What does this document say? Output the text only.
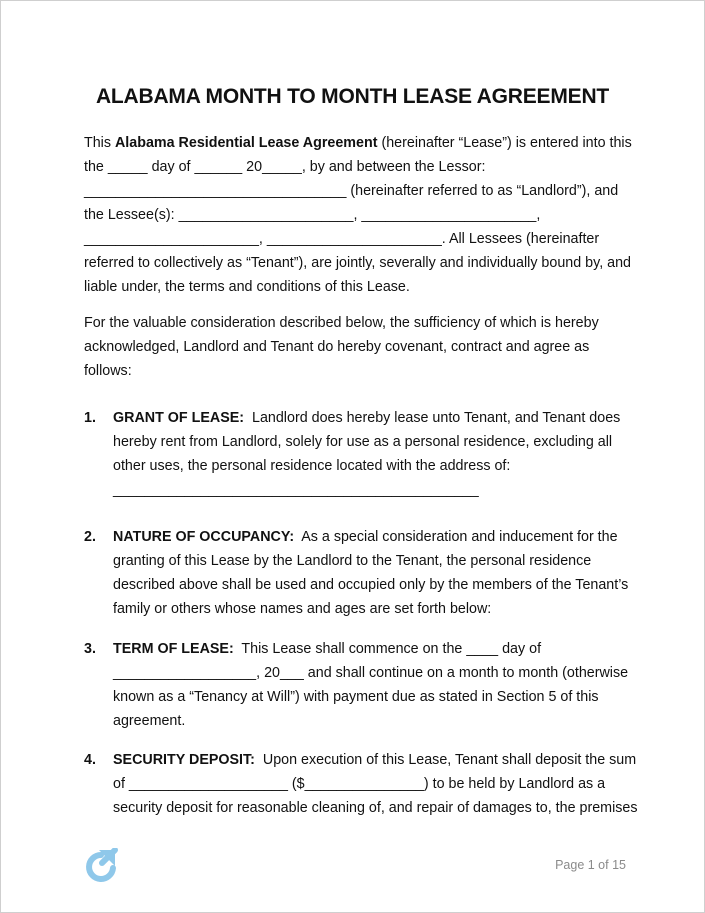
ALABAMA MONTH TO MONTH LEASE AGREEMENT
This Alabama Residential Lease Agreement (hereinafter “Lease”) is entered into this
the _____ day of ______ 20_____, by and between the Lessor:
_________________________________ (hereinafter referred to as “Landlord”), and
the Lessee(s): ______________________, ______________________,
______________________, ______________________. All Lessees (hereinafter
referred to collectively as “Tenant”), are jointly, severally and individually bound by, and
liable under, the terms and conditions of this Lease.
For the valuable consideration described below, the sufficiency of which is hereby
acknowledged, Landlord and Tenant do hereby covenant, contract and agree as
follows:
1. GRANT OF LEASE:  Landlord does hereby lease unto Tenant, and Tenant does
hereby rent from Landlord, solely for use as a personal residence, excluding all
other uses, the personal residence located with the address of:
______________________________________________
2. NATURE OF OCCUPANCY:  As a special consideration and inducement for the
granting of this Lease by the Landlord to the Tenant, the personal residence
described above shall be used and occupied only by the members of the Tenant’s
family or others whose names and ages are set forth below:
3. TERM OF LEASE:  This Lease shall commence on the ____ day of
__________________, 20___ and shall continue on a month to month (otherwise
known as a “Tenancy at Will”) with payment due as stated in Section 5 of this
agreement.
4. SECURITY DEPOSIT:  Upon execution of this Lease, Tenant shall deposit the sum
of ____________________ ($_______________) to be held by Landlord as a
security deposit for reasonable cleaning of, and repair of damages to, the premises
Page 1 of 15
